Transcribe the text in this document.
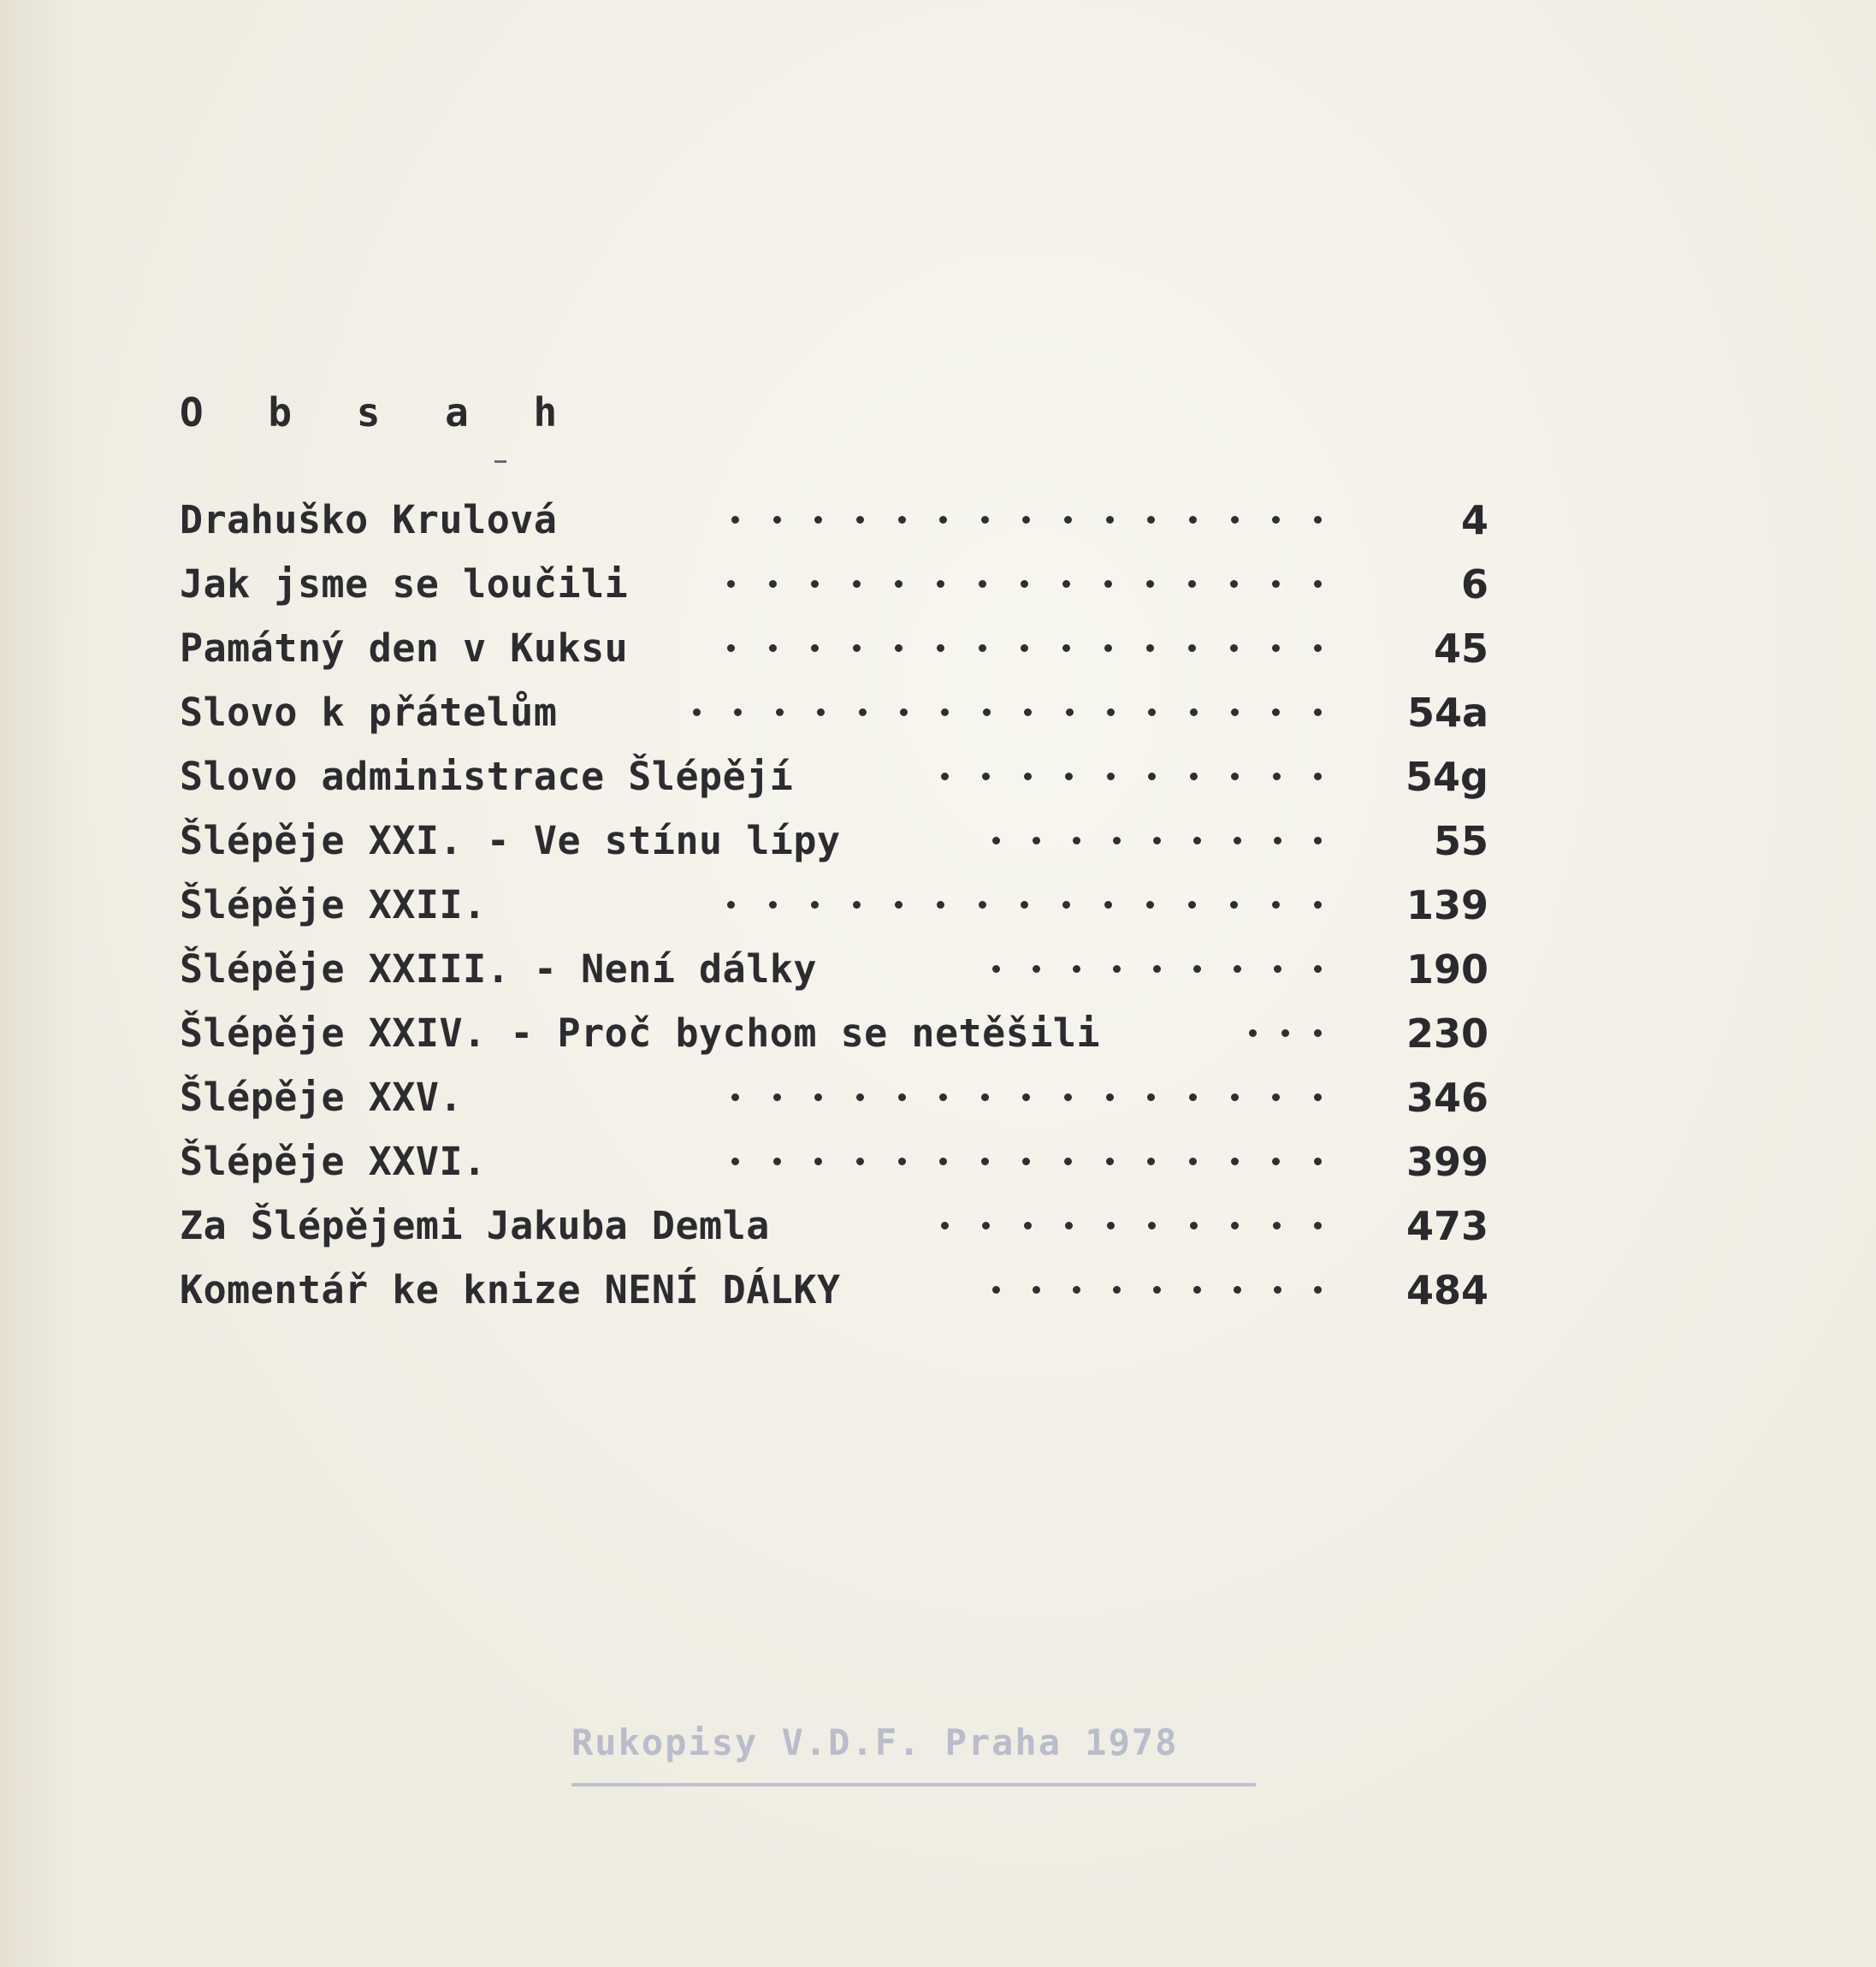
O b s a h
Drahuško Krulová	4
Jak jsme se loučili	6
Památný den v Kuksu	45
Slovo k přátelům	54a
Slovo administrace Šlépějí	54g
Šlépěje XXI. - Ve stínu lípy	55
Šlépěje XXII.	139
Šlépěje XXIII. - Není dálky	190
Šlépěje XXIV. - Proč bychom se netěšili	230
Šlépěje XXV.	346
Šlépěje XXVI.	399
Za Šlépějemi Jakuba Demla	473
Komentář ke knize NENÍ DÁLKY	484
Rukopisy V.D.F. Praha 1978
